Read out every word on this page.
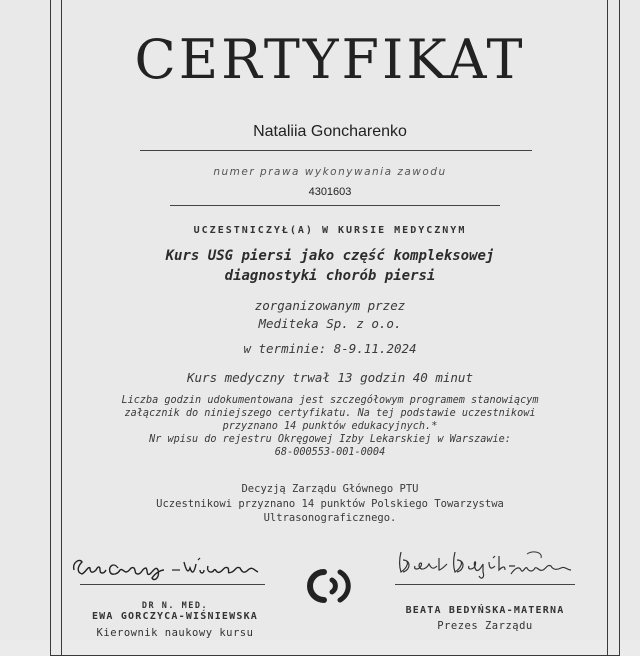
CERTYFIKAT
Nataliia Goncharenko
numer prawa wykonywania zawodu
4301603
UCZESTNICZYŁ(A) W KURSIE MEDYCZNYM
Kurs USG piersi jako część kompleksowej
diagnostyki chorób piersi
zorganizowanym przez
Mediteka Sp. z o.o.
w terminie: 8-9.11.2024
Kurs medyczny trwał 13 godzin 40 minut
Liczba godzin udokumentowana jest szczegółowym programem stanowiącym
załącznik do niniejszego certyfikatu. Na tej podstawie uczestnikowi
przyznano 14 punktów edukacyjnych.*
Nr wpisu do rejestru Okręgowej Izby Lekarskiej w Warszawie:
68-000553-001-0004
Decyzją Zarządu Głównego PTU
Uczestnikowi przyznano 14 punktów Polskiego Towarzystwa
Ultrasonograficznego.
DR N. MED.
EWA GORCZYCA-WIŚNIEWSKA
Kierownik naukowy kursu
BEATA BEDYŃSKA-MATERNA
Prezes Zarządu
